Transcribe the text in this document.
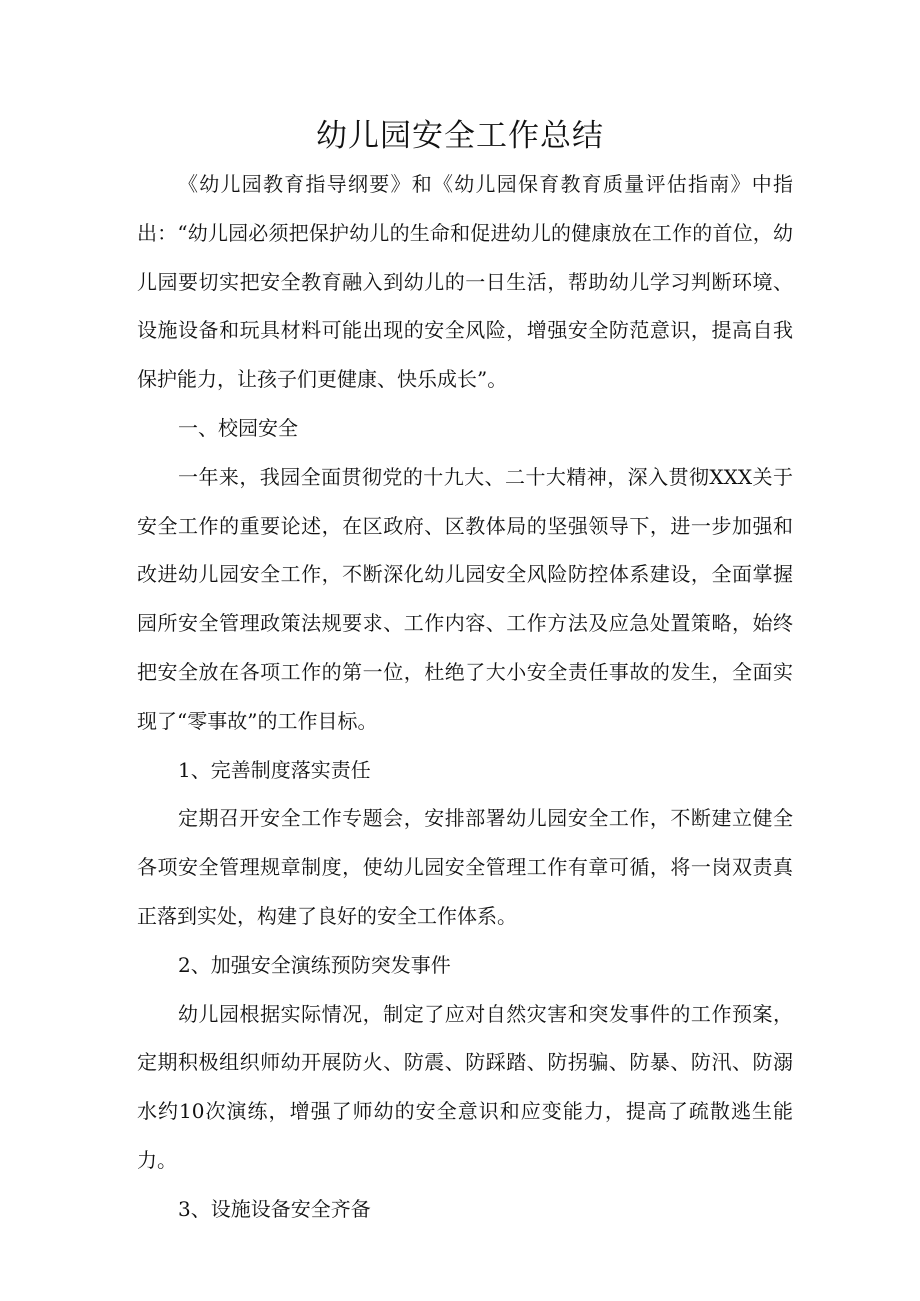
幼儿园安全工作总结

《幼儿园教育指导纲要》和《幼儿园保育教育质量评估指南》中指出：“幼儿园必须把保护幼儿的生命和促进幼儿的健康放在工作的首位，幼儿园要切实把安全教育融入到幼儿的一日生活，帮助幼儿学习判断环境、设施设备和玩具材料可能出现的安全风险，增强安全防范意识，提高自我保护能力，让孩子们更健康、快乐成长”。

一、校园安全

一年来，我园全面贯彻党的十九大、二十大精神，深入贯彻XXX关于安全工作的重要论述，在区政府、区教体局的坚强领导下，进一步加强和改进幼儿园安全工作，不断深化幼儿园安全风险防控体系建设，全面掌握园所安全管理政策法规要求、工作内容、工作方法及应急处置策略，始终把安全放在各项工作的第一位，杜绝了大小安全责任事故的发生，全面实现了“零事故”的工作目标。

1、完善制度落实责任

定期召开安全工作专题会，安排部署幼儿园安全工作，不断建立健全各项安全管理规章制度，使幼儿园安全管理工作有章可循，将一岗双责真正落到实处，构建了良好的安全工作体系。

2、加强安全演练预防突发事件

幼儿园根据实际情况，制定了应对自然灾害和突发事件的工作预案，定期积极组织师幼开展防火、防震、防踩踏、防拐骗、防暴、防汛、防溺水约10次演练，增强了师幼的安全意识和应变能力，提高了疏散逃生能力。

3、设施设备安全齐备
